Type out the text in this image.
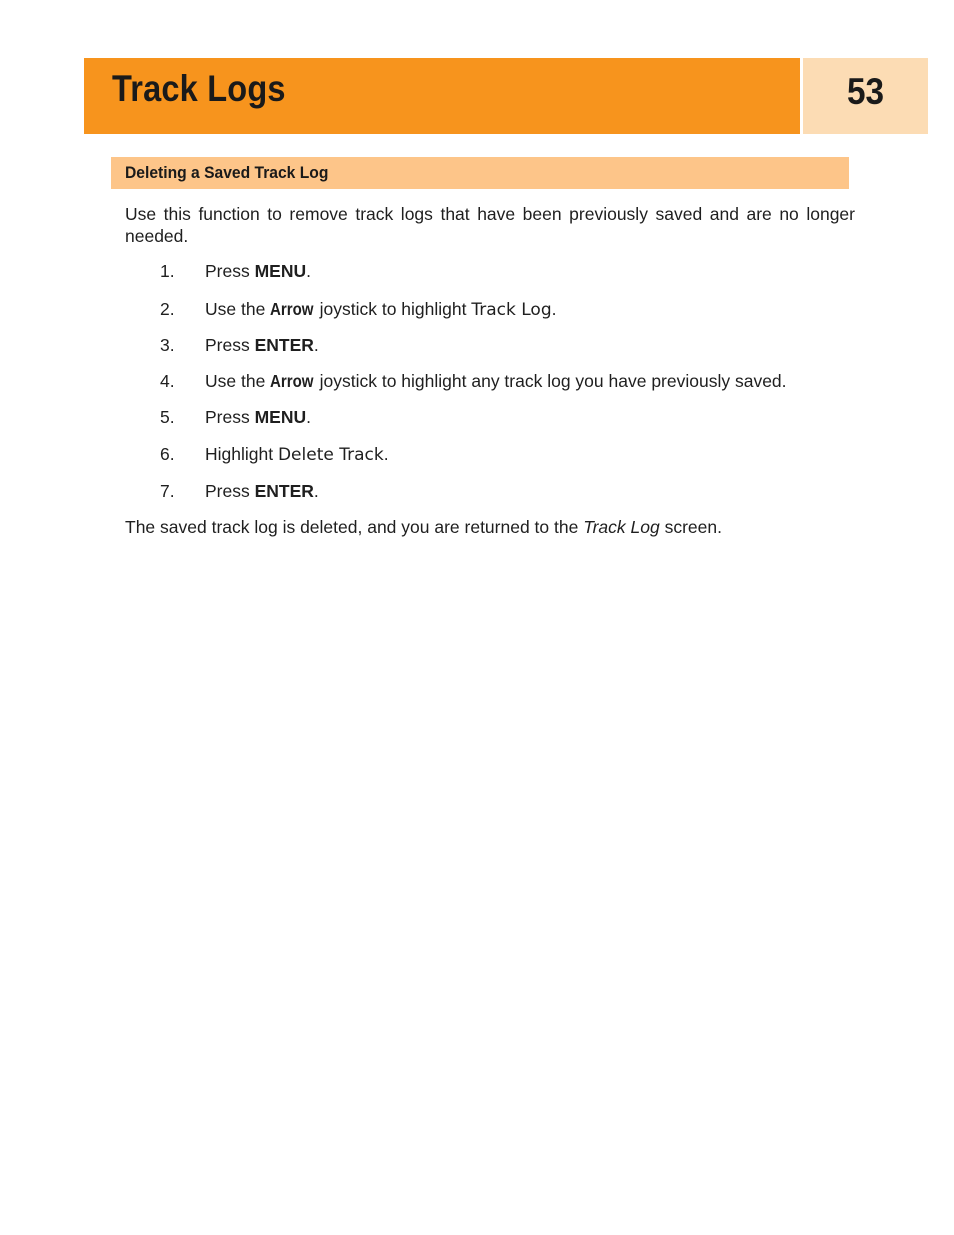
Track Logs	53
Deleting a Saved Track Log
Use this function to remove track logs that have been previously saved and are no longer needed.
1. Press MENU.
2. Use the Arrow joystick to highlight Track Log.
3. Press ENTER.
4. Use the Arrow joystick to highlight any track log you have previously saved.
5. Press MENU.
6. Highlight Delete Track.
7. Press ENTER.
The saved track log is deleted, and you are returned to the Track Log screen.
